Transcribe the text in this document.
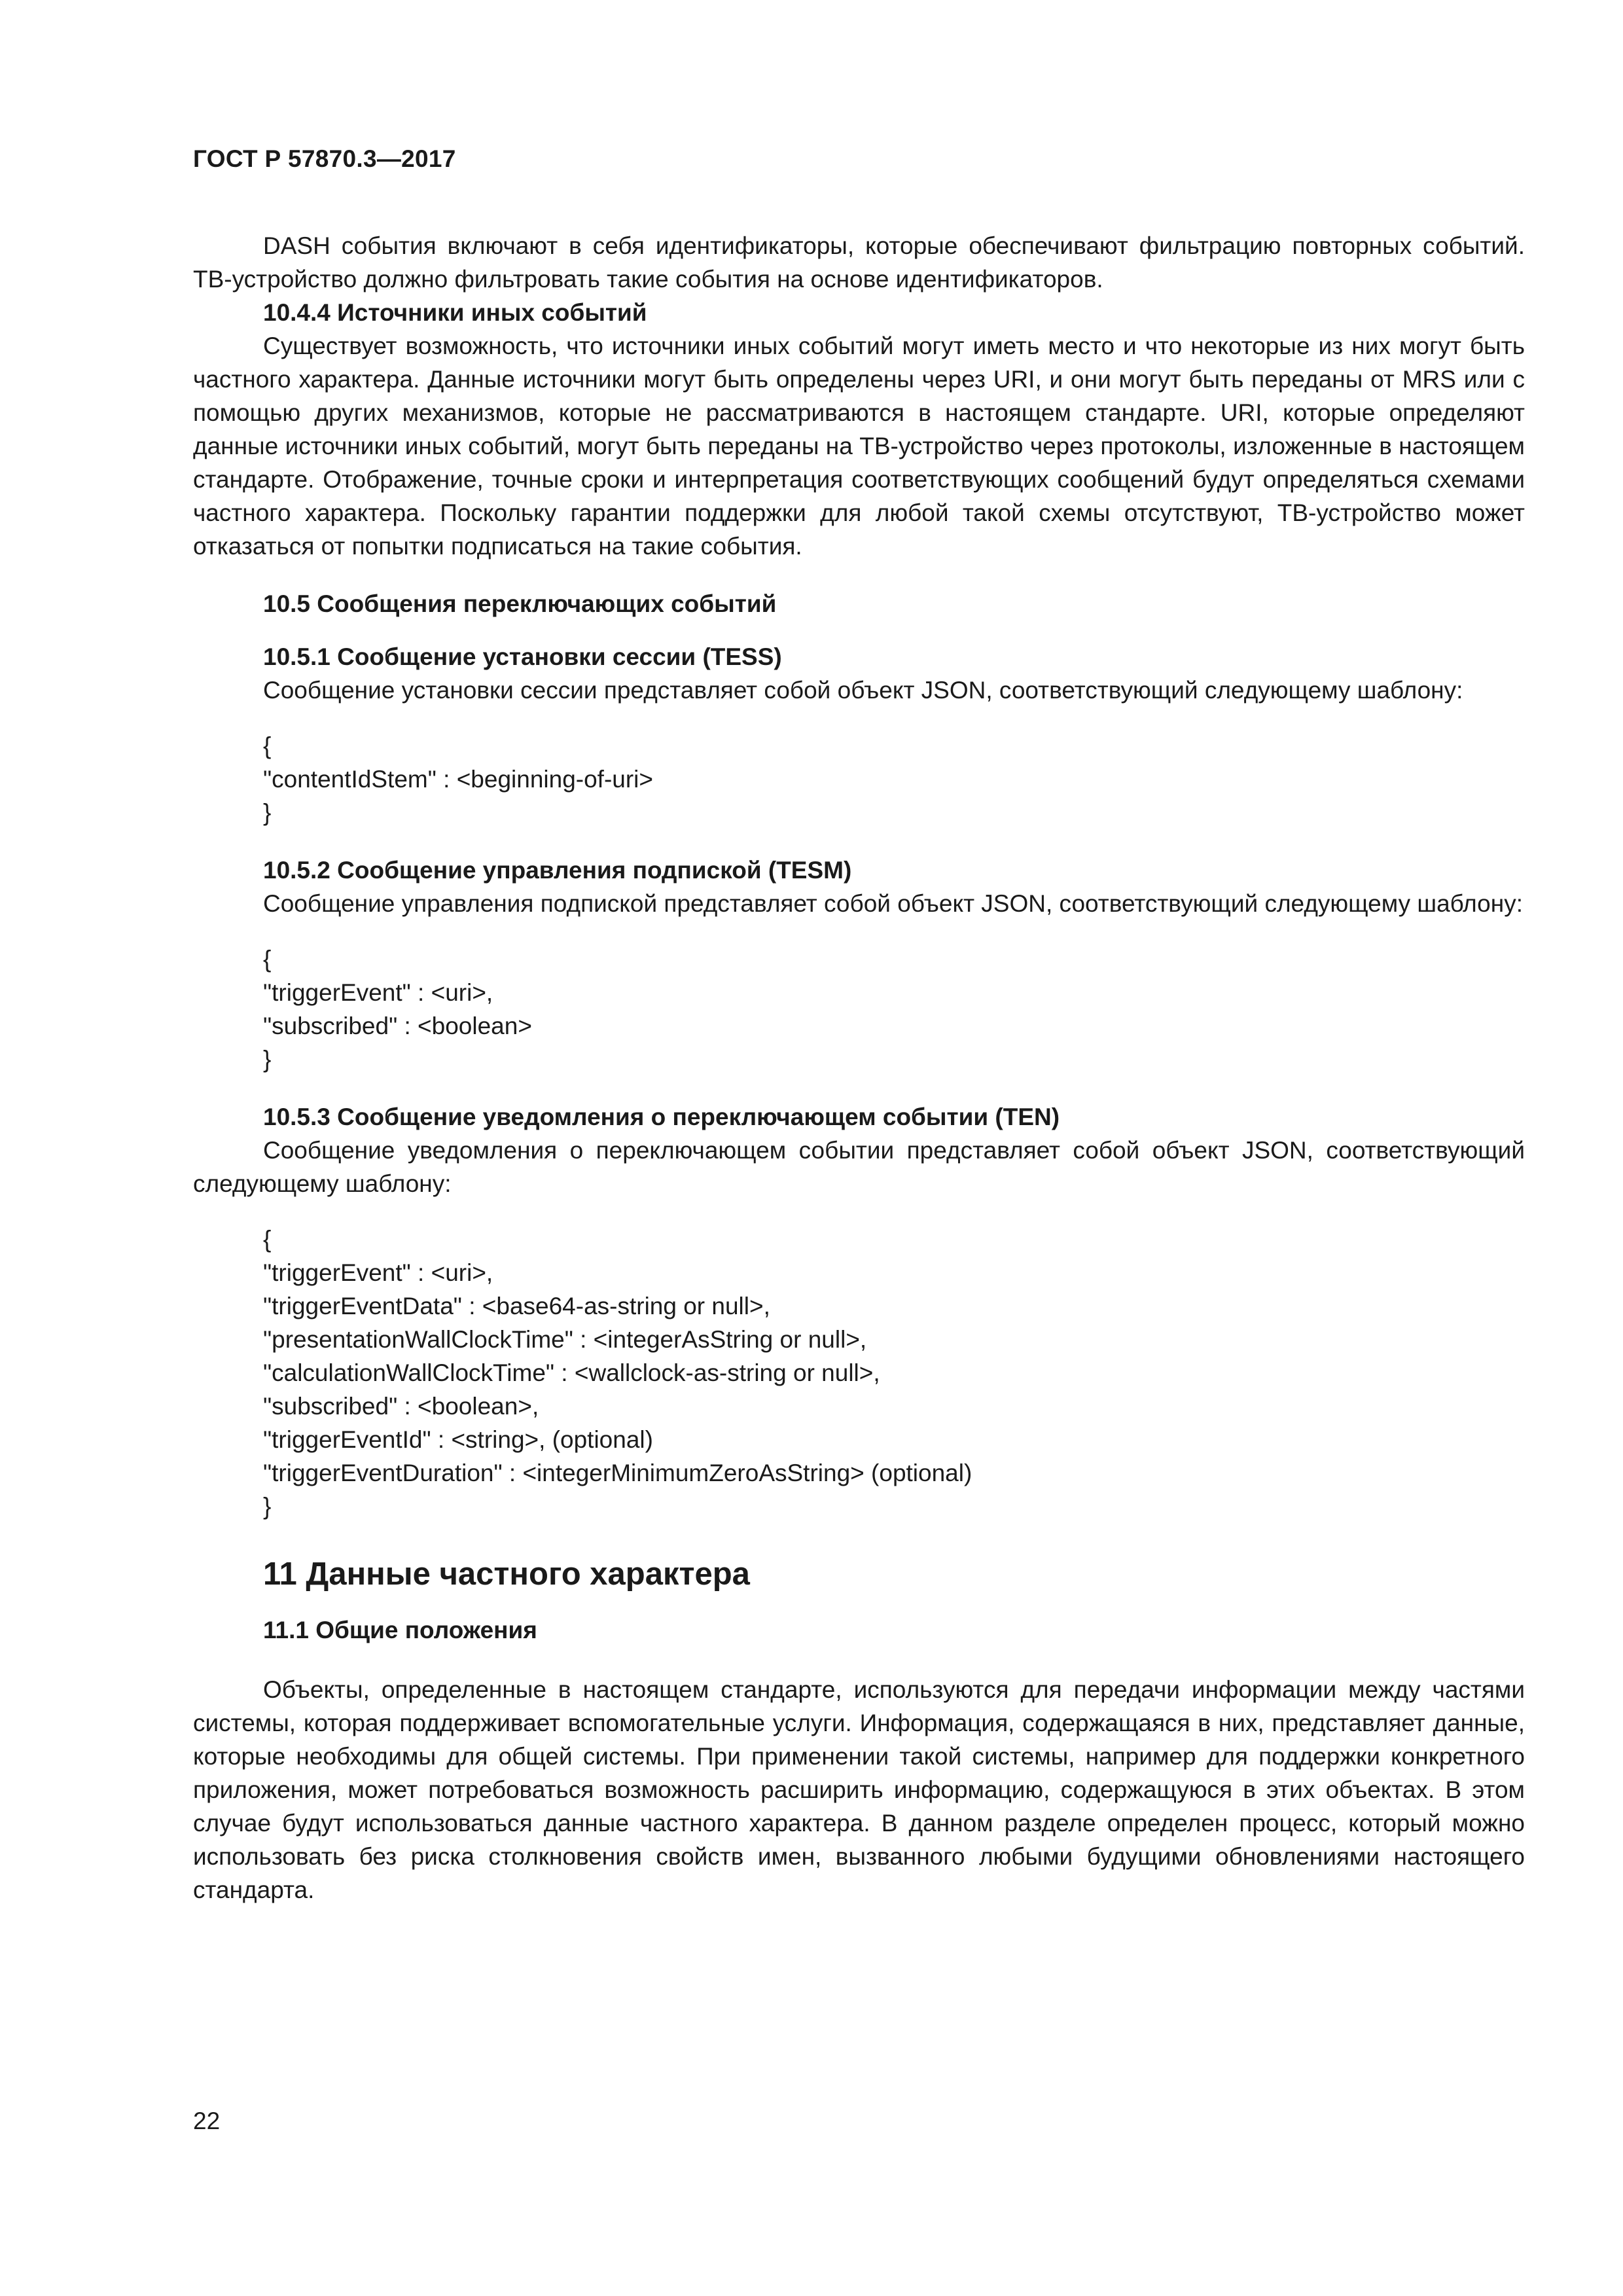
ГОСТ Р 57870.3—2017

DASH события включают в себя идентификаторы, которые обеспечивают фильтрацию повторных событий. ТВ-устройство должно фильтровать такие события на основе идентификаторов.

10.4.4 Источники иных событий

Существует возможность, что источники иных событий могут иметь место и что некоторые из них могут быть частного характера. Данные источники могут быть определены через URI, и они могут быть переданы от MRS или с помощью других механизмов, которые не рассматриваются в настоящем стандарте. URI, которые определяют данные источники иных событий, могут быть переданы на ТВ-устройство через протоколы, изложенные в настоящем стандарте. Отображение, точные сроки и интерпретация соответствующих сообщений будут определяться схемами частного характера. Поскольку гарантии поддержки для любой такой схемы отсутствуют, ТВ-устройство может отказаться от попытки подписаться на такие события.

10.5 Сообщения переключающих событий

10.5.1 Сообщение установки сессии (TESS)

Сообщение установки сессии представляет собой объект JSON, соответствующий следующему шаблону:

{
"contentIdStem" : <beginning-of-uri>
}

10.5.2 Сообщение управления подпиской (TESM)

Сообщение управления подпиской представляет собой объект JSON, соответствующий следующему шаблону:

{
"triggerEvent" : <uri>,
"subscribed" : <boolean>
}

10.5.3 Сообщение уведомления о переключающем событии (TEN)

Сообщение уведомления о переключающем событии представляет собой объект JSON, соответствующий следующему шаблону:

{
"triggerEvent" : <uri>,
"triggerEventData" : <base64-as-string or null>,
"presentationWallClockTime" : <integerAsString or null>,
"calculationWallClockTime" : <wallclock-as-string or null>,
"subscribed" : <boolean>,
"triggerEventId" : <string>, (optional)
"triggerEventDuration" : <integerMinimumZeroAsString> (optional)
}

11 Данные частного характера

11.1 Общие положения

Объекты, определенные в настоящем стандарте, используются для передачи информации между частями системы, которая поддерживает вспомогательные услуги. Информация, содержащаяся в них, представляет данные, которые необходимы для общей системы. При применении такой системы, например для поддержки конкретного приложения, может потребоваться возможность расширить информацию, содержащуюся в этих объектах. В этом случае будут использоваться данные частного характера. В данном разделе определен процесс, который можно использовать без риска столкновения свойств имен, вызванного любыми будущими обновлениями настоящего стандарта.

22
